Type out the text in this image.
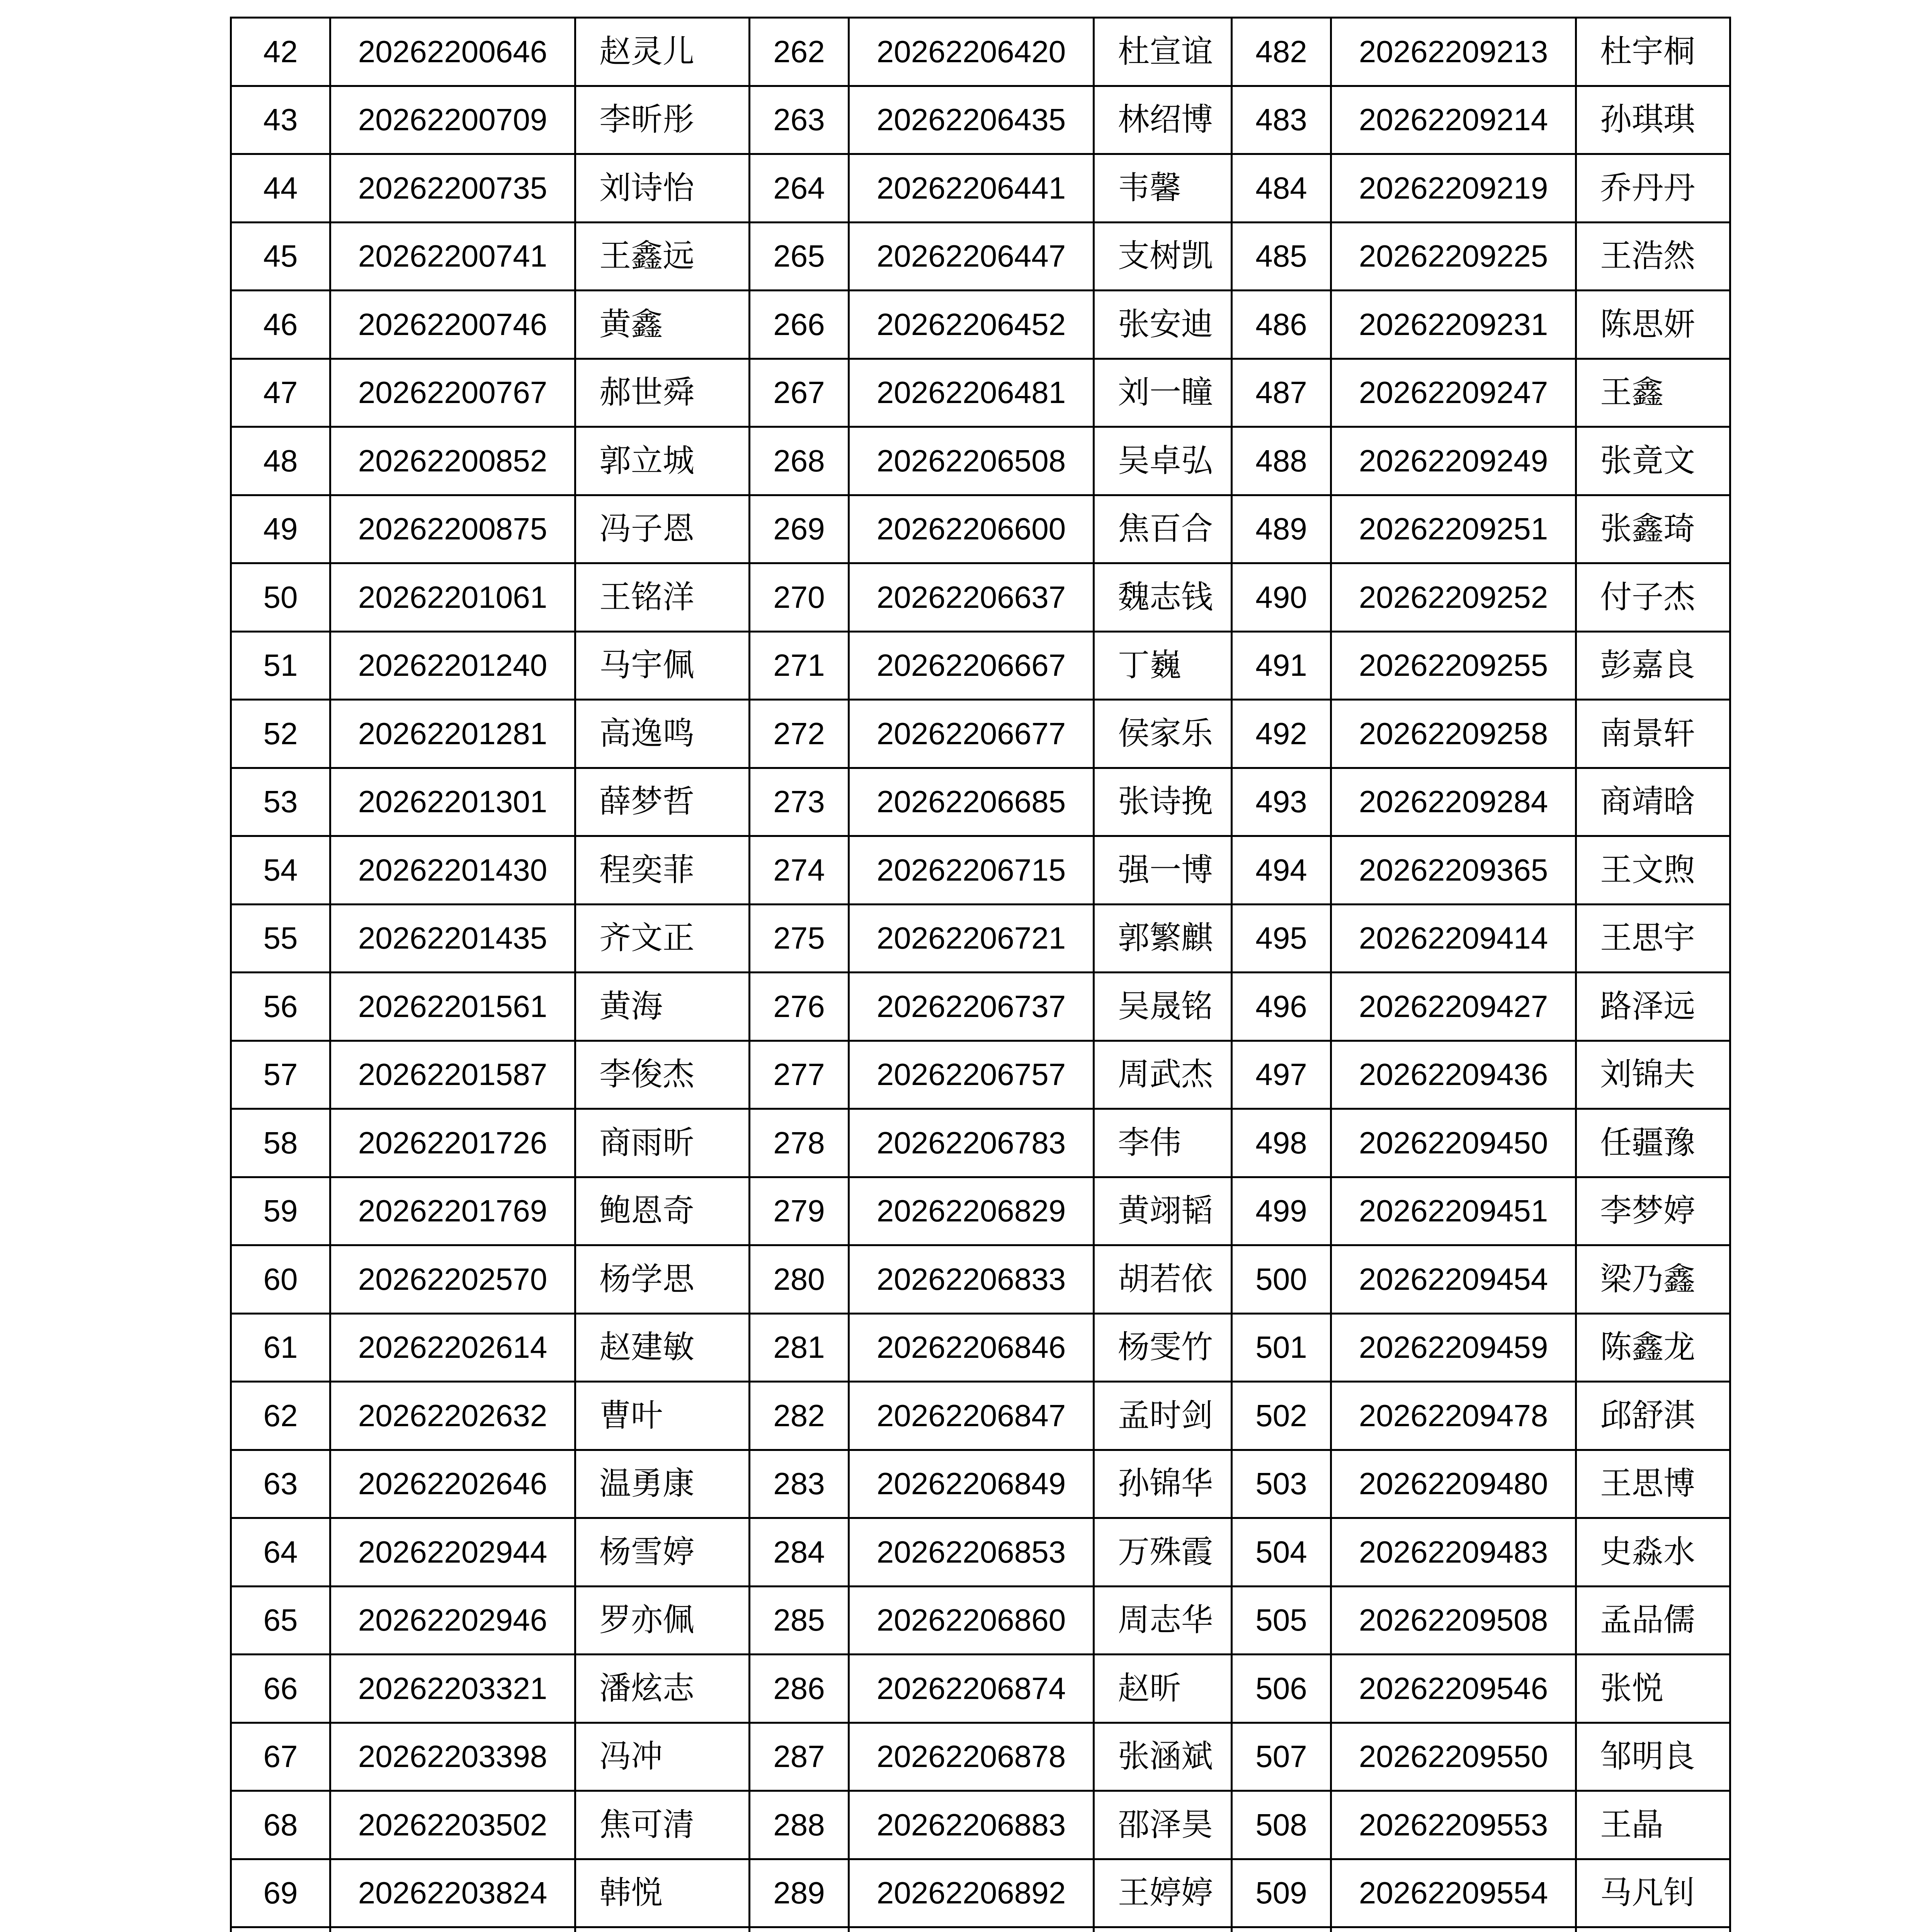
42	20262200646	赵灵儿	262	20262206420	杜宣谊	482	20262209213	杜宇桐
43	20262200709	李昕彤	263	20262206435	林绍博	483	20262209214	孙琪琪
44	20262200735	刘诗怡	264	20262206441	韦馨	484	20262209219	乔丹丹
45	20262200741	王鑫远	265	20262206447	支树凯	485	20262209225	王浩然
46	20262200746	黄鑫	266	20262206452	张安迪	486	20262209231	陈思妍
47	20262200767	郝世舜	267	20262206481	刘一瞳	487	20262209247	王鑫
48	20262200852	郭立城	268	20262206508	吴卓弘	488	20262209249	张竟文
49	20262200875	冯子恩	269	20262206600	焦百合	489	20262209251	张鑫琦
50	20262201061	王铭洋	270	20262206637	魏志钱	490	20262209252	付子杰
51	20262201240	马宇佩	271	20262206667	丁巍	491	20262209255	彭嘉良
52	20262201281	高逸鸣	272	20262206677	侯家乐	492	20262209258	南景轩
53	20262201301	薛梦哲	273	20262206685	张诗挽	493	20262209284	商靖晗
54	20262201430	程奕菲	274	20262206715	强一博	494	20262209365	王文煦
55	20262201435	齐文正	275	20262206721	郭繁麒	495	20262209414	王思宇
56	20262201561	黄海	276	20262206737	吴晟铭	496	20262209427	路泽远
57	20262201587	李俊杰	277	20262206757	周武杰	497	20262209436	刘锦夫
58	20262201726	商雨昕	278	20262206783	李伟	498	20262209450	任疆豫
59	20262201769	鲍恩奇	279	20262206829	黄翊韬	499	20262209451	李梦婷
60	20262202570	杨学思	280	20262206833	胡若依	500	20262209454	梁乃鑫
61	20262202614	赵建敏	281	20262206846	杨雯竹	501	20262209459	陈鑫龙
62	20262202632	曹叶	282	20262206847	孟时剑	502	20262209478	邱舒淇
63	20262202646	温勇康	283	20262206849	孙锦华	503	20262209480	王思博
64	20262202944	杨雪婷	284	20262206853	万殊霞	504	20262209483	史淼水
65	20262202946	罗亦佩	285	20262206860	周志华	505	20262209508	孟品儒
66	20262203321	潘炫志	286	20262206874	赵昕	506	20262209546	张悦
67	20262203398	冯冲	287	20262206878	张涵斌	507	20262209550	邹明良
68	20262203502	焦可清	288	20262206883	邵泽昊	508	20262209553	王晶
69	20262203824	韩悦	289	20262206892	王婷婷	509	20262209554	马凡钊
